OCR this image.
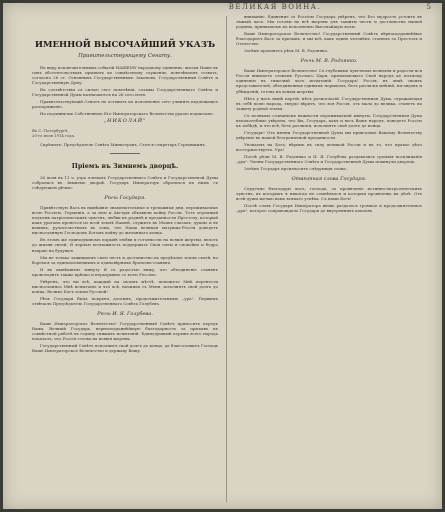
ВЕЛИКАЯ ВОЙНА.	5
ИМЕННОЙ ВЫСОЧАЙШИЙ УКАЗЪ
Правительствующему Сенату.

Въ виду исключительныхъ событiй НАШЕМУ народному единенiю, желая Наше въ сихъ обстоятельствахъ призвать къ совмѣстному служенiю, повелѣваемъ созвать, согласно 26 ст. Основныхъ Государственныхъ Законовъ, Государственный Совѣтъ и Государственную Думу.

Въ соотвѣтствiи съ силою сего повелѣнiя, созывы Государственнаго Совѣта и Государственной Думы назначаются на 26 сего iюля.

Правительствующiй Сенатъ не оставитъ къ исполненiю сего учинить надлежащее распоряженiе.

На подлинномъ Собственною Его Императорскаго Величества рукою подписано:

„НИКОЛАЙ"
Въ С.-Петербургѣ,
20-го iюля 1914 года.
Скрѣпилъ: Предсѣдатель Совѣта Министровъ, Статсъ-секретарь Горемыкинъ.
Прiемъ въ Зимнемъ дворцѣ.

26 iюля въ 11 ч. утра членамъ Государственнаго Совѣта и Государственной Думы собрались въ Зимнемъ дворцѣ. Государь Императоръ обратился къ нимъ съ слѣдующею рѣчью:

Рѣчь Государя.

Привѣтствую Васъ въ нынѣшнiе знаменательные и тревожные дни, переживаемые всею Россiею. Германiя, а за нею и Австрiя объявили войну Россiи. Тотъ огромный подъемъ патрiотическихъ чувствъ, любви къ родинѣ и преданности Престолу, который какъ ураганъ пронесся по всей землѣ Нашей, служитъ въ Моихъ глазахъ, думаю и въ вашихъ, ручательствомъ въ томъ, что Наша великая матушка-Россiя доведетъ ниспосланную Господомъ Богомъ войну до желаннаго конца.

Въ этомъ же единодушномъ порывѣ любви и готовности на всякiя жертвы, вплоть до жизни своей, Я черпаю возможность поддержать Свои силы и спокойно и бодро взираю на будущее.

Мы не только защищаемъ свою честь и достоинство въ предѣлахъ земли своей, но боремся за единоплеменныхъ и единовѣрныхъ братьевъ-славянъ.

И въ нынѣшнюю минуту Я съ радостью вижу, что объединенiе славянъ происходитъ также крѣпко и неразрывно со всею Россiею.

Увѣренъ, что вы всѣ, каждый на своемъ мѣстѣ, поможете Мнѣ перенести ниспосланное Мнѣ испытанiе и что всѣ, начиная съ Меня, исполнятъ свой долгъ до конца. Велико Богъ земли Русской!

Рѣчь Государя была покрыта долгимъ, продолжительнымъ „ура". Первымъ отвѣчалъ Предсѣдатель Государственнаго Совѣта Голубевъ.

Рѣчь И. Я. Голубева.

Ваше Императорское Величество! Государственный Совѣтъ приноситъ передъ Вами, Великiй Государь, верноподданнѣйшую благодарность за призывъ къ совмѣстной работѣ въ годину тяжкихъ испытанiй. Единодушный порывъ всего народа показалъ, что Россiя готова на всякiя жертвы.

Государственный Совѣтъ исполнитъ свой долгъ до конца, да благословитъ Господь Ваше Императорское Величество и державу Вашу.

вниманiю. Единение съ Россiею Государь увѣренъ, что Его мудрость устоитъ въ тяжкiй часъ. Мы готовы на всѣ жертвы для защиты чести и достоинства нашей родины, принимаемъ къ исполненiю Высочайшую волю.

Ваше Императорское Величество! Государственный Совѣтъ вѣрноподданнѣйше благодаритъ Васъ за призывъ, и мы всѣ, какъ одинъ человѣкъ, станемъ за Престолъ и Отечество.

Затѣмъ произнесъ рѣчь М. В. Родзянко.

Рѣчь М. В. Родзянко.

Ваше Императорское Величество! Съ глубокимъ чувствомъ волненiя и радости вся Россiя внимаетъ словамъ Русскаго Царя, призывающаго Свой народъ къ полному единенiю въ тяжелый часъ испытанiй. Государь! Россiя, въ лицѣ своихъ представителей, объединенная единымъ порывомъ, безъ различiя мнѣнiй, взглядовъ и убѣжденiй, готова на всякiя жертвы.

Нѣтъ у насъ нынѣ партiй, нѣтъ разногласiй. Государственная Дума, отражающая въ себѣ волю народа, твердо вѣритъ, что вся Россiя, отъ мала до велика, станетъ на защиту родной земли.

Съ полнымъ сознанiемъ важности переживаемой минуты, Государственная Дума непоколебимо увѣрена, что Вы, Государь, какъ и весь Вашъ народъ, поведете Россiю къ побѣдѣ, и что всѣ, безъ различiя, исполнятъ свой долгъ до конца.

Государь! Отъ имени Государственной Думы мы приносимъ Вашему Величеству увѣренiе въ нашей безграничной преданности.

Уповаемъ на Бога, вѣримъ въ силу великой Россiи и въ то, что правое дѣло восторжествуетъ. Ура!

Послѣ рѣчи М. В. Родзянко и И. Я. Голубева раздавались громкiя восклицанiя „ура". Члены Государственнаго Совѣта и Государственной Думы покинули дворецъ.

Затѣмъ Государь произноситъ слѣдующiя слова:

Отвѣтная слова Государя.

Сердечно благодарю васъ, господа, за проявленiе истинно-патрiотическихъ чувствъ, въ которыхъ я никогда не сомнѣвался и которыя проявлены на дѣлѣ. Отъ всей души желаю вамъ всякаго успѣха. Съ нами Богъ!

Послѣ словъ Государя Императора вновь раздалось громкое и продолжительное „ура", которое сопровождало Государя до внутреннихъ покоевъ.
